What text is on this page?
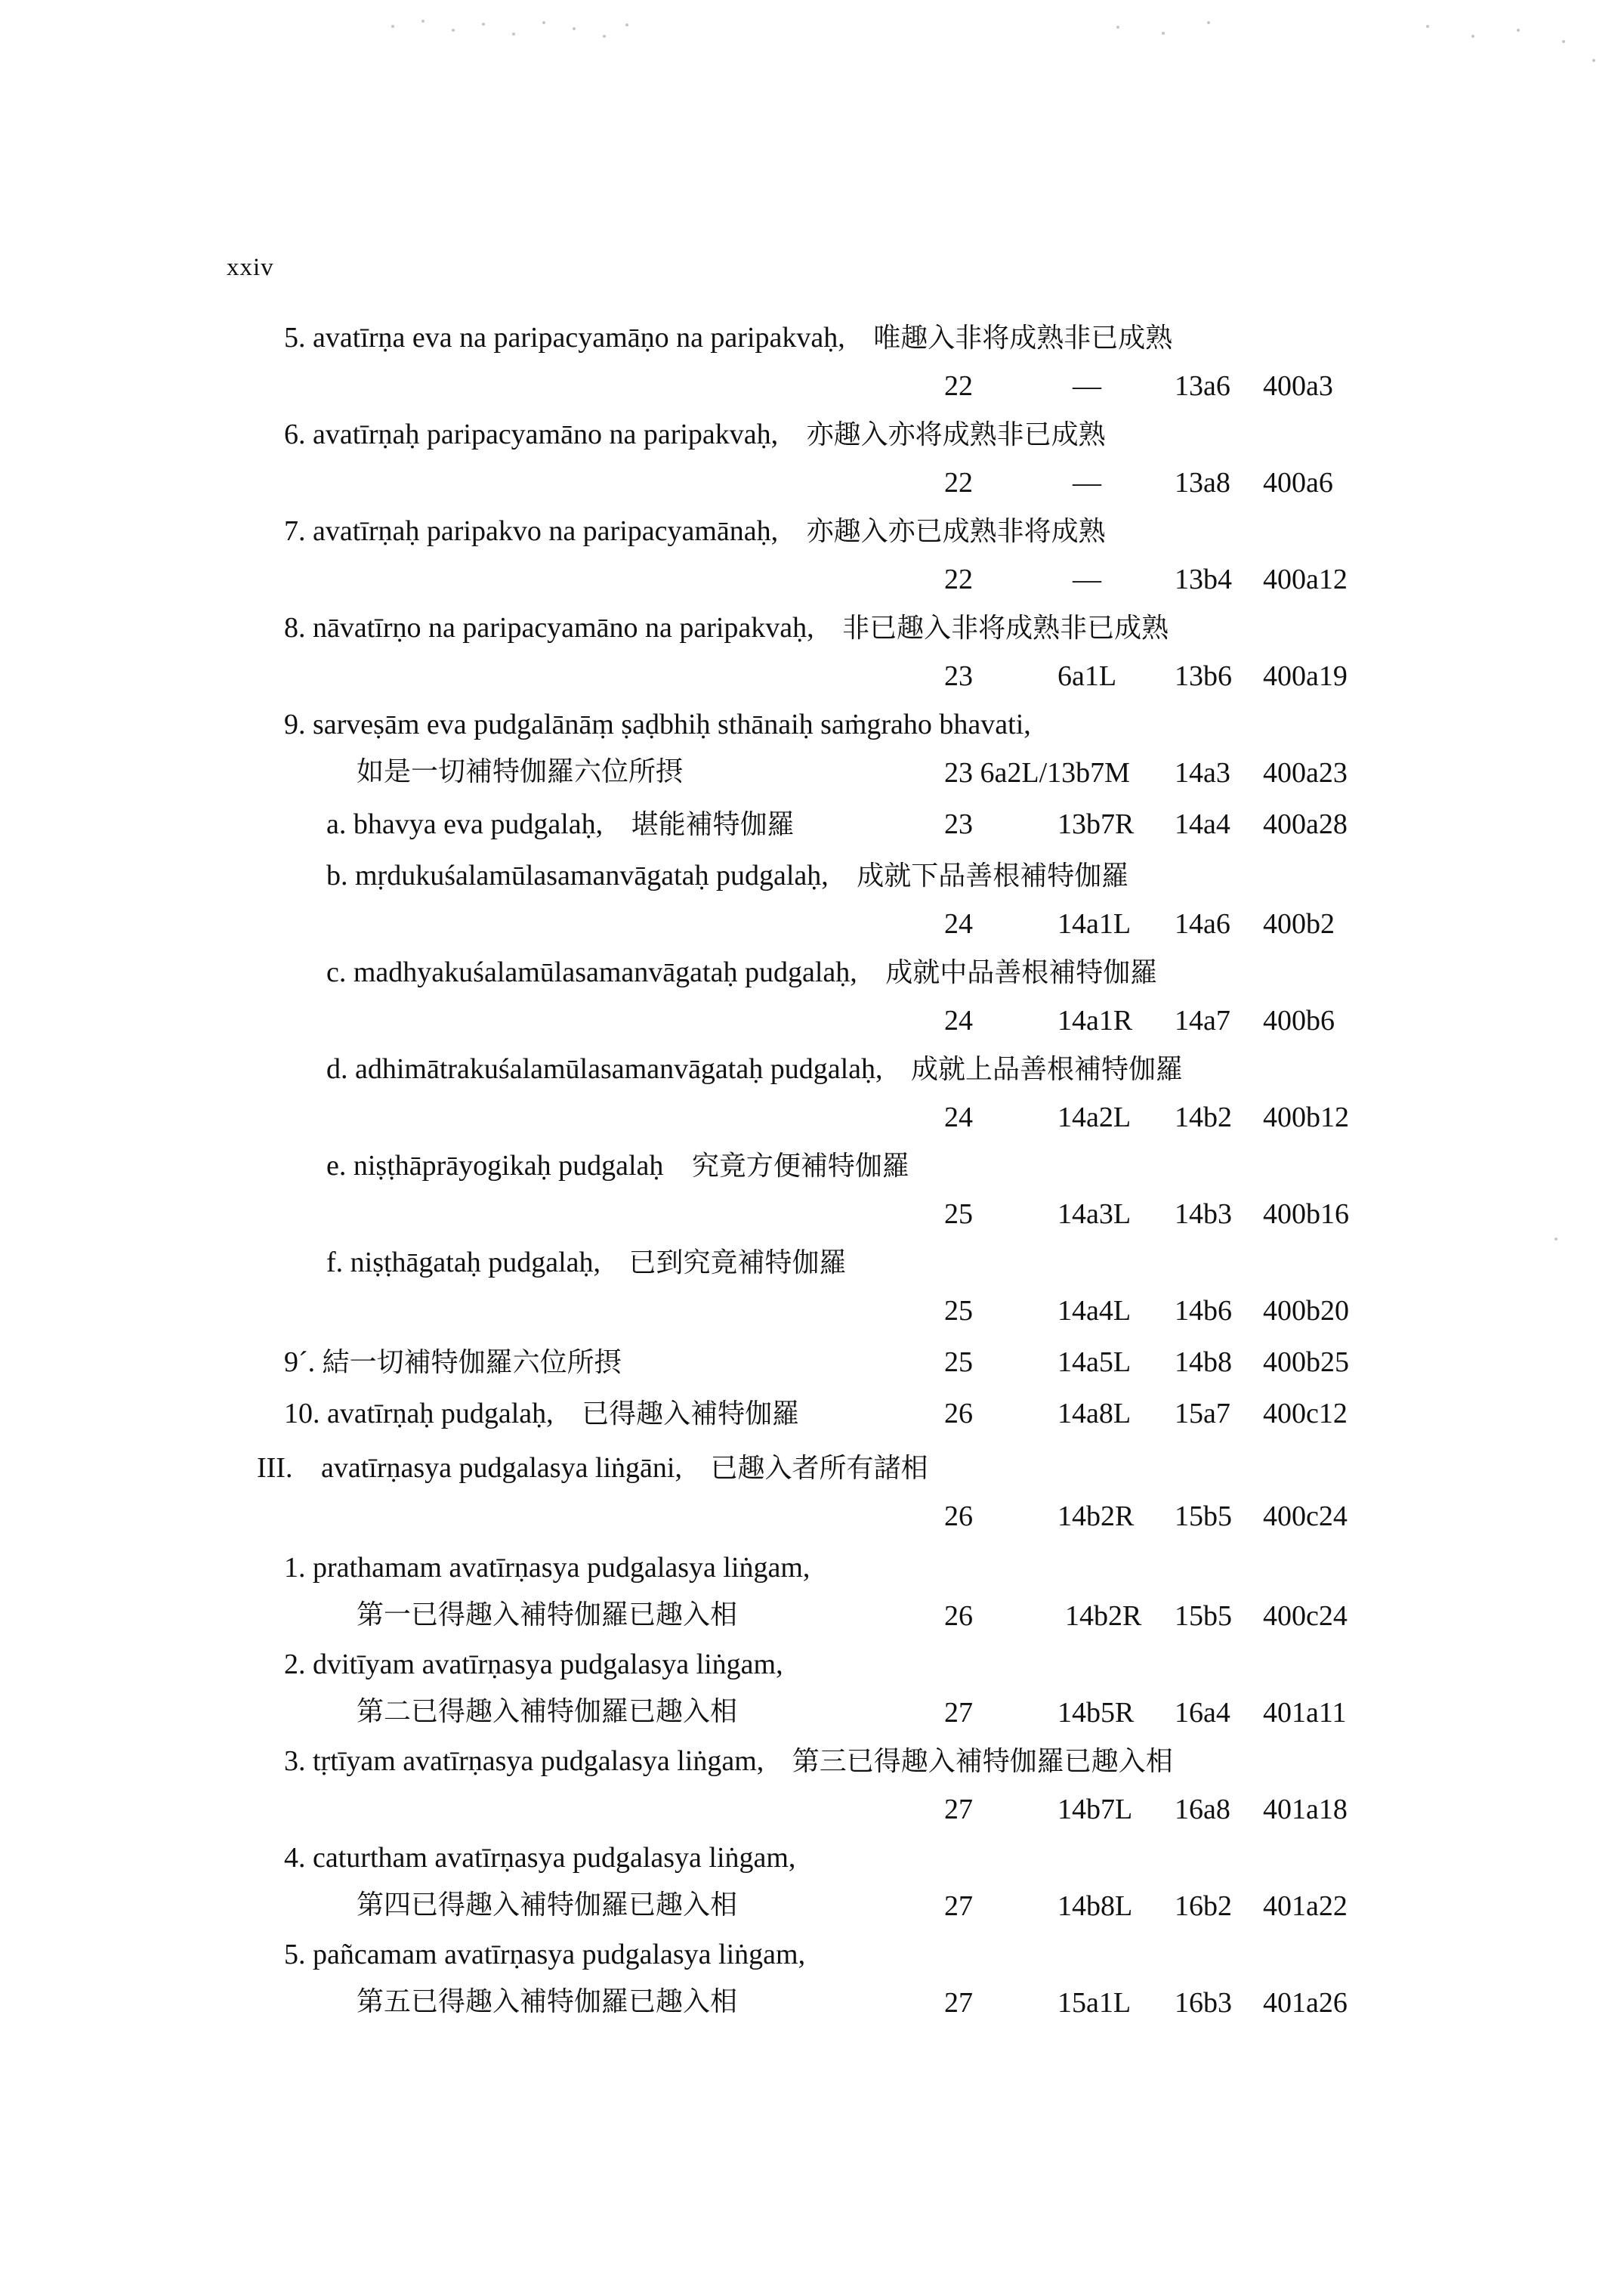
xxiv
5. avatīrṇa eva na paripacyamāṇo na paripakvaḥ, 唯趣入非将成熟非已成熟
22	—	13a6 400a3
6. avatīrṇaḥ paripacyamāno na paripakvaḥ, 亦趣入亦将成熟非已成熟
22	—	13a8 400a6
7. avatīrṇaḥ paripakvo na paripacyamānaḥ, 亦趣入亦已成熟非将成熟
22	—	13b4 400a12
8. nāvatīrṇo na paripacyamāno na paripakvaḥ, 非已趣入非将成熟非已成熟
23	6a1L 13b6 400a19
9. sarveṣām eva pudgalānāṃ ṣaḍbhiḥ sthānaiḥ saṁgraho bhavati,
如是一切補特伽羅六位所摂	23 6a2L/13b7M 14a3 400a23
a. bhavya eva pudgalaḥ, 堪能補特伽羅	23	13b7R 14a4 400a28
b. mṛdukuśalamūlasamanvāgataḥ pudgalaḥ, 成就下品善根補特伽羅
24	14a1L 14a6 400b2
c. madhyakuśalamūlasamanvāgataḥ pudgalaḥ, 成就中品善根補特伽羅
24	14a1R 14a7 400b6
d. adhimātrakuśalamūlasamanvāgataḥ pudgalaḥ, 成就上品善根補特伽羅
24	14a2L 14b2 400b12
e. niṣṭhāprāyogikaḥ pudgalaḥ 究竟方便補特伽羅
25	14a3L 14b3 400b16
f. niṣṭhāgataḥ pudgalaḥ, 已到究竟補特伽羅
25	14a4L 14b6 400b20
9´. 結一切補特伽羅六位所摂	25	14a5L 14b8 400b25
10. avatīrṇaḥ pudgalaḥ, 已得趣入補特伽羅	26	14a8L 15a7 400c12
III. avatīrṇasya pudgalasya liṅgāni, 已趣入者所有諸相
26	14b2R 15b5 400c24
1. prathamam avatīrṇasya pudgalasya liṅgam,
第一已得趣入補特伽羅已趣入相	26	14b2R 15b5 400c24
2. dvitīyam avatīrṇasya pudgalasya liṅgam,
第二已得趣入補特伽羅已趣入相	27	14b5R 16a4 401a11
3. tṛtīyam avatīrṇasya pudgalasya liṅgam, 第三已得趣入補特伽羅已趣入相
27	14b7L 16a8 401a18
4. caturtham avatīrṇasya pudgalasya liṅgam,
第四已得趣入補特伽羅已趣入相	27	14b8L 16b2 401a22
5. pañcamam avatīrṇasya pudgalasya liṅgam,
第五已得趣入補特伽羅已趣入相	27	15a1L 16b3 401a26
